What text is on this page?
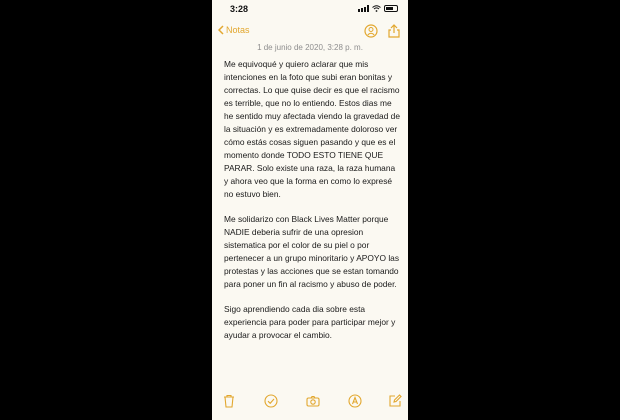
3:28
Notas
1 de junio de 2020, 3:28 p. m.

Me equivoqué y quiero aclarar que mis intenciones en la foto que subi eran bonitas y correctas. Lo que quise decir es que el racismo es terrible, que no lo entiendo. Estos dias me he sentido muy afectada viendo la gravedad de la situación y es extremadamente doloroso ver cómo estás cosas siguen pasando y que es el momento donde TODO ESTO TIENE QUE PARAR. Solo existe una raza, la raza humana y ahora veo que la forma en como lo expresé no estuvo bien.

Me solidarizo con Black Lives Matter porque NADIE deberia sufrir de una opresion sistematica por el color de su piel o por pertenecer a un grupo minoritario y APOYO las protestas y las acciones que se estan tomando para poner un fin al racismo y abuso de poder.

Sigo aprendiendo cada dia sobre esta experiencia para poder para participar mejor y ayudar a provocar el cambio.
